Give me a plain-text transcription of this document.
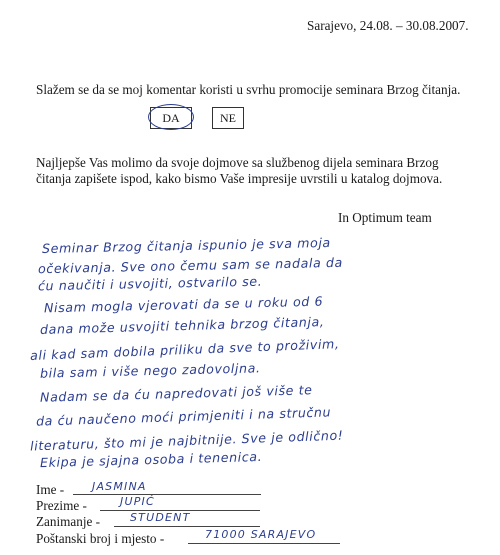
Sarajevo, 24.08. – 30.08.2007.
Slažem se da se moj komentar koristi u svrhu promocije seminara Brzog čitanja.
DA	NE
Najljepše Vas molimo da svoje dojmove sa službenog dijela seminara Brzog
čitanja zapišete ispod, kako bismo Vaše impresije uvrstili u katalog dojmova.
In Optimum team
Seminar Brzog čitanja ispunio je sva moja
očekivanja. Sve ono čemu sam se nadala da
ću naučiti i usvojiti, ostvarilo se.
Nisam mogla vjerovati da se u roku od 6
dana može usvojiti tehnika brzog čitanja,
ali kad sam dobila priliku da sve to proživim,
bila sam i više nego zadovoljna.
Nadam se da ću napredovati još više te
da ću naučeno moći primjeniti i na stručnu
literaturu, što mi je najbitnije. Sve je odlično!
Ekipa je sjajna osoba i tenenica.
Ime -	JASMINA
Prezime -	JUPIĆ
Zanimanje -	STUDENT
Poštanski broj i mjesto -	71000 SARAJEVO
